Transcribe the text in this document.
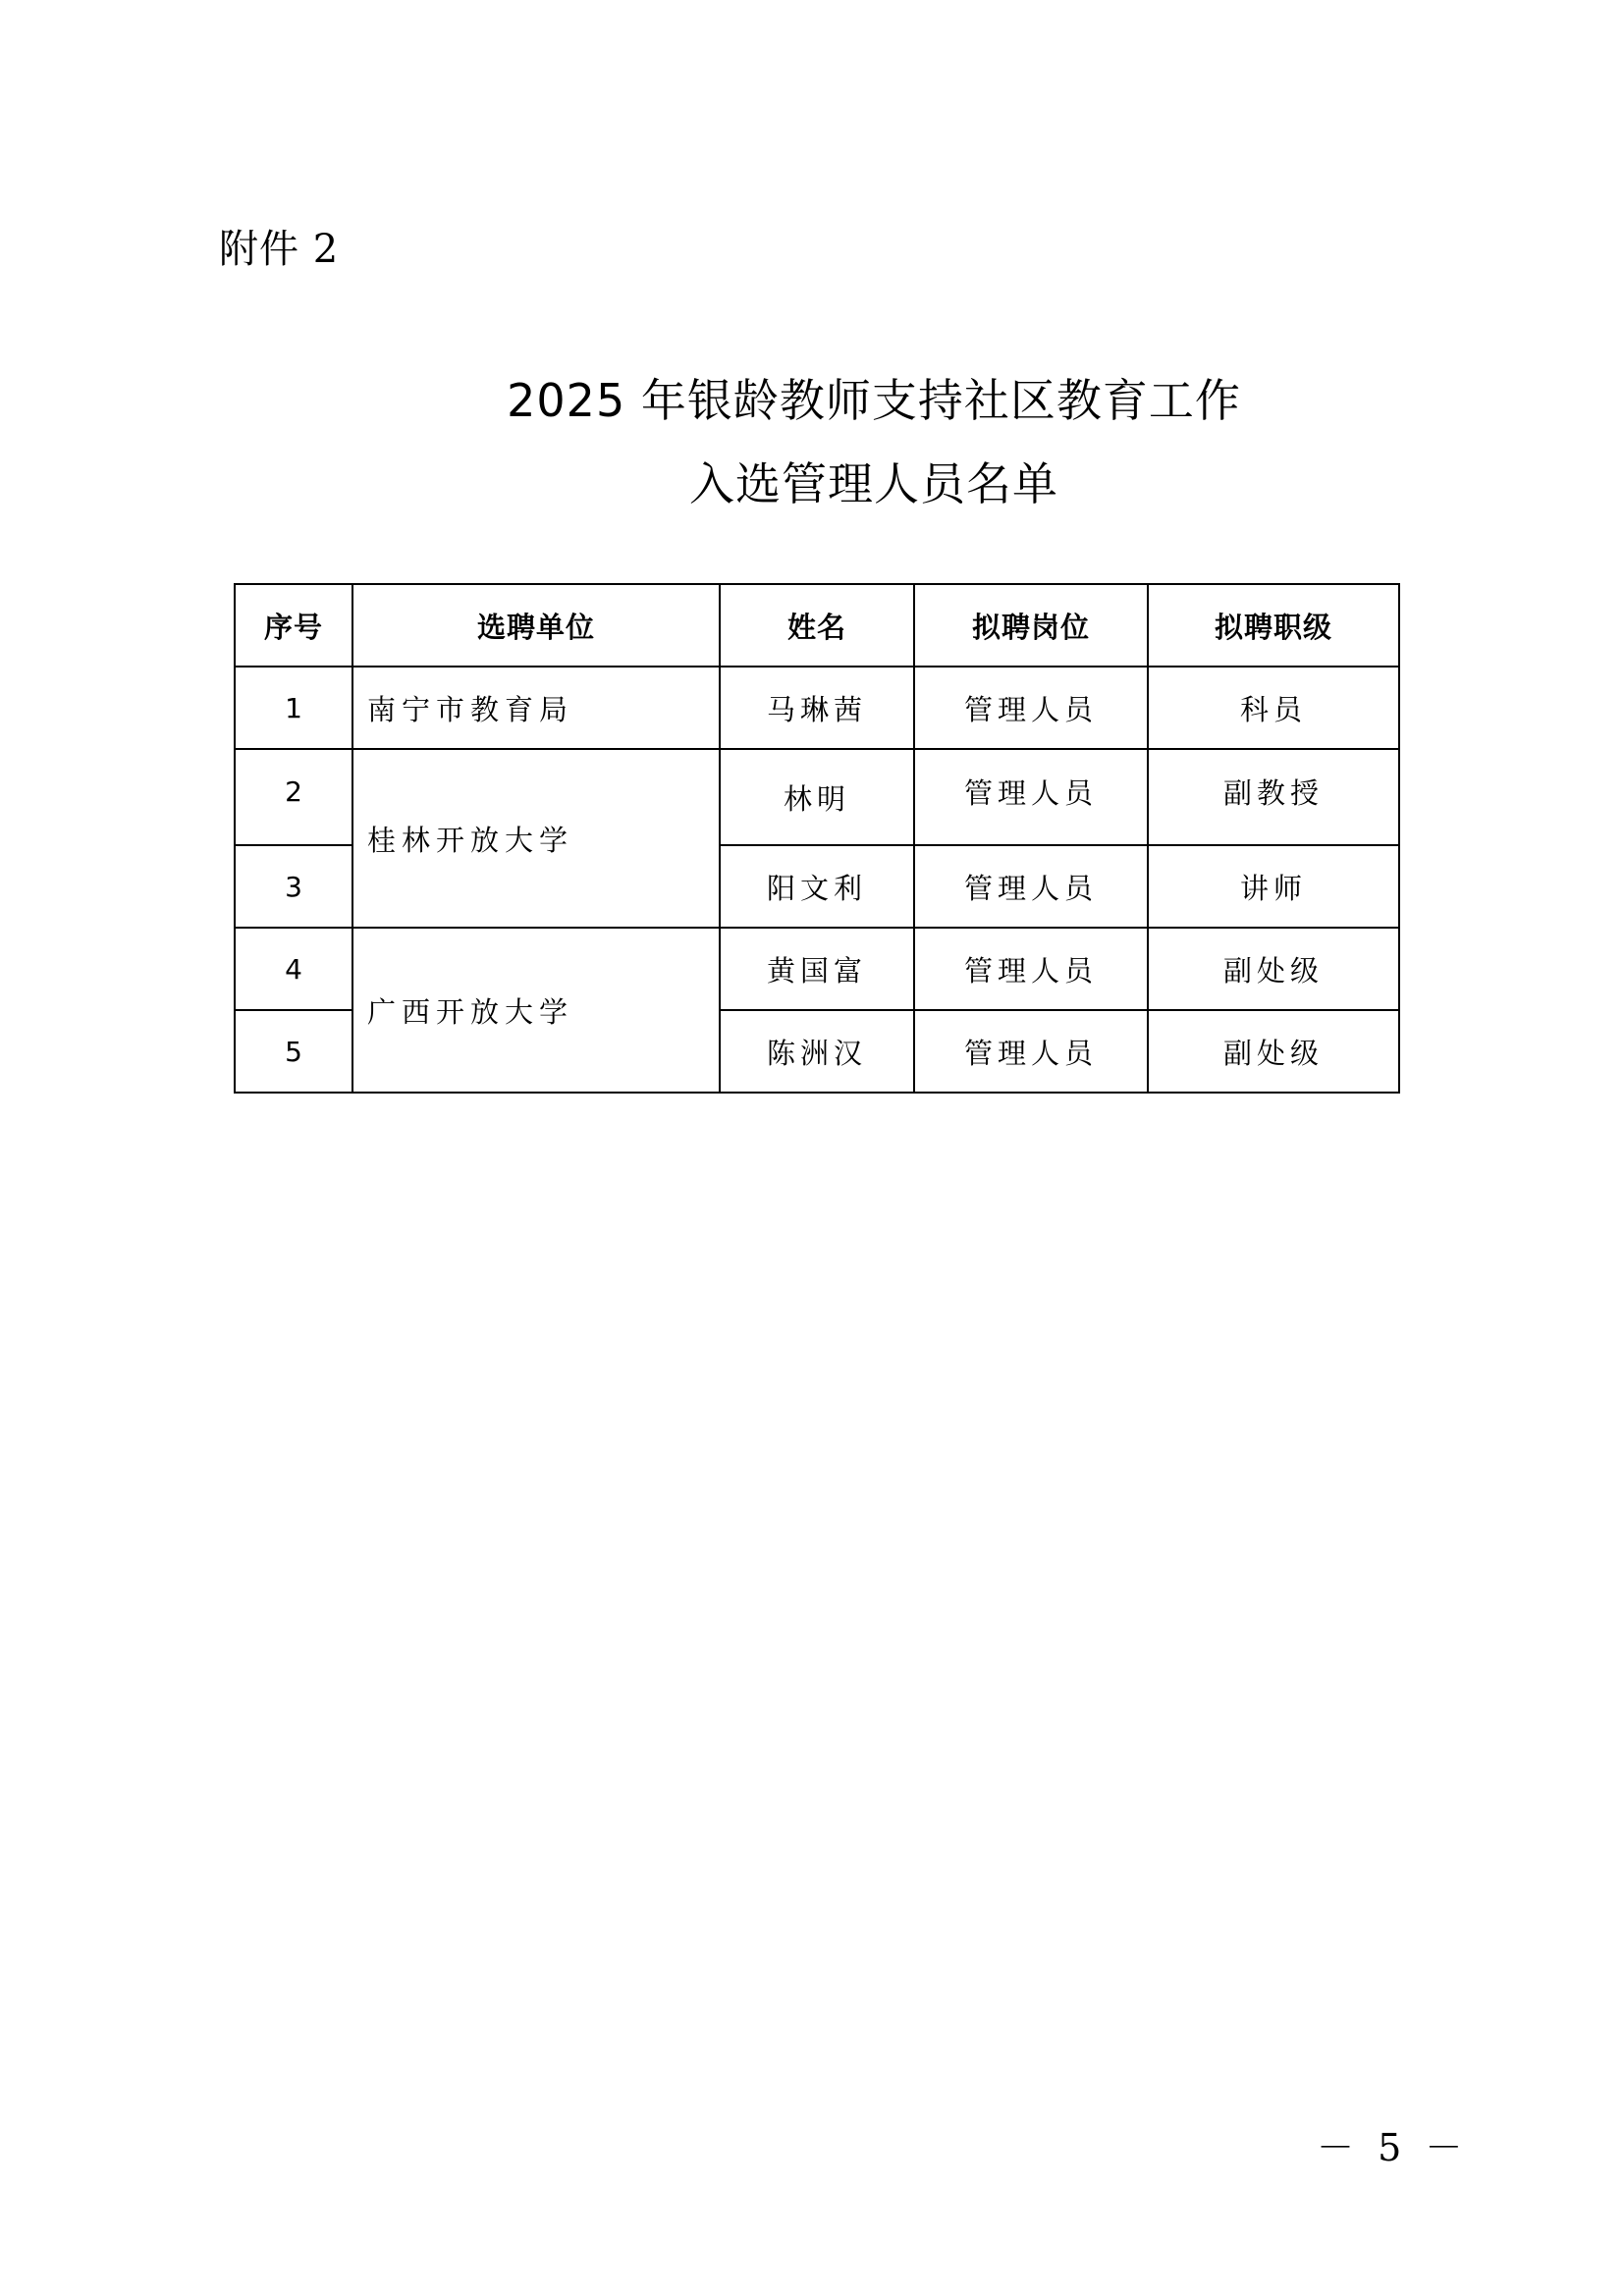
附件 2
2025 年银龄教师支持社区教育工作
入选管理人员名单
序号	选聘单位	姓名	拟聘岗位	拟聘职级
1	南宁市教育局	马琳茜	管理人员	科员
2	桂林开放大学	林明	管理人员	副教授
3		阳文利	管理人员	讲师
4	广西开放大学	黄国富	管理人员	副处级
5		陈洲汉	管理人员	副处级
－ 5 －
